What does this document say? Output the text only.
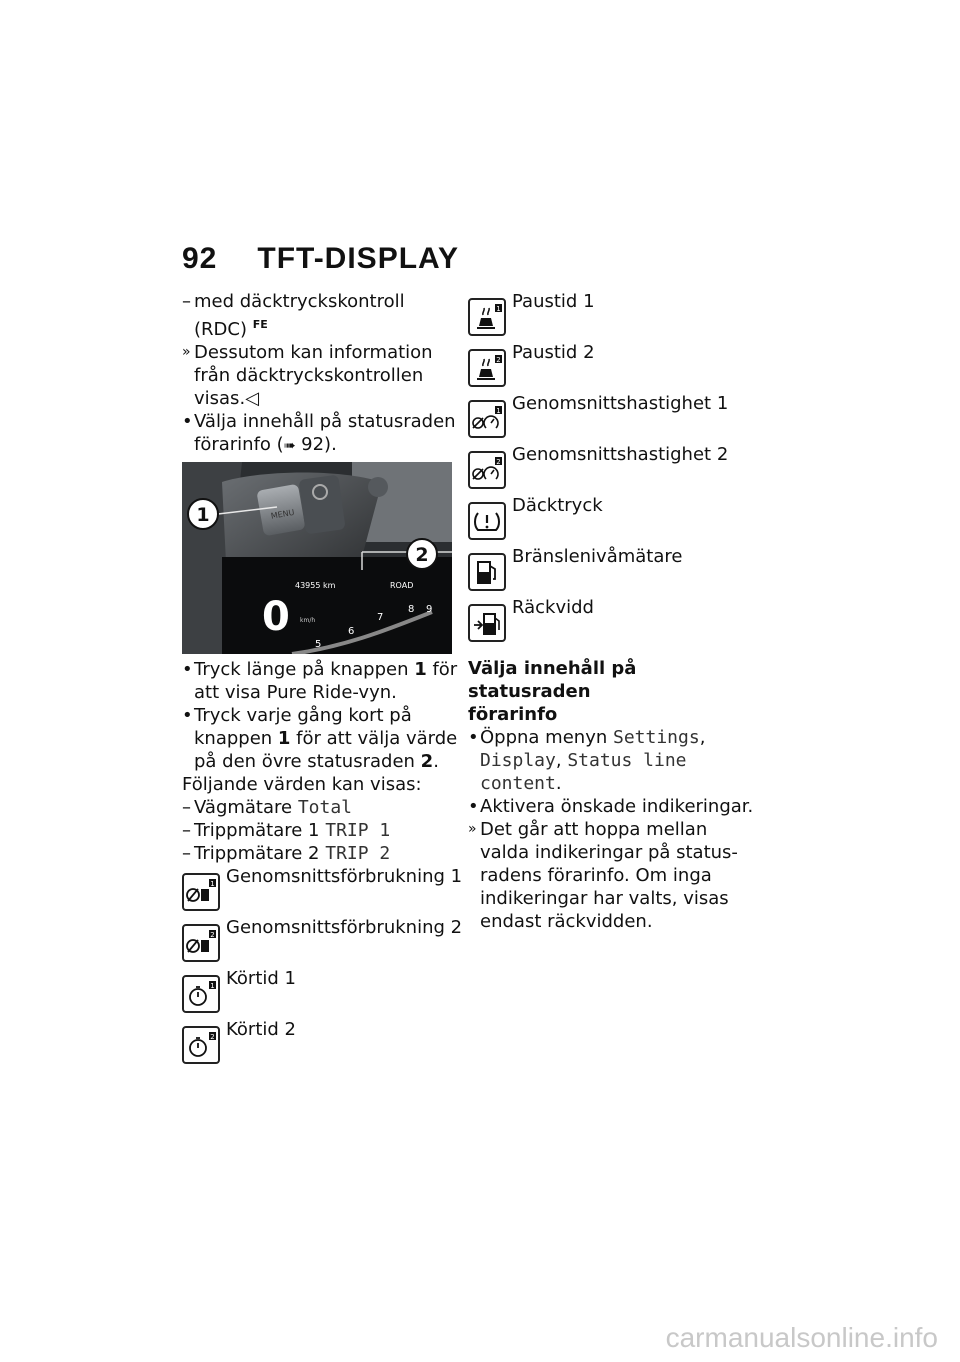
92 TFT-DISPLAY

– med däcktryckskontroll
(RDC) $^{FE}$

» Dessutom kan information
från däcktryckskontrollen
visas.◁

• Välja innehåll på statusraden
förarinfo (➠ 92).

MENU
43955 km	ROAD
0 km/h
5
6
7
8 9
1
2

• Tryck länge på knappen 1 för
att visa Pure Ride-vyn.

• Tryck varje gång kort på
knappen 1 för att välja värde
på den övre statusraden 2.

Följande värden kan visas:

– Vägmätare Total

– Trippmätare 1 TRIP 1

– Trippmätare 2 TRIP 2

1 Genomsnittsförbrukning 1
2 Genomsnittsförbrukning 2
1 Körtid 1
2 Körtid 2
1 Paustid 1
2 Paustid 2
1 Genomsnittshastighet 1
2 Genomsnittshastighet 2
Däcktryck
Bränslenivåmätare
Räckvidd

Välja innehåll på statusraden
förarinfo

• Öppna menyn Settings,
Display, Status line
content.

• Aktivera önskade indikeringar.

» Det går att hoppa mellan
valda indikeringar på status-
radens förarinfo. Om inga
indikeringar har valts, visas
endast räckvidden.

carmanualsonline.info
